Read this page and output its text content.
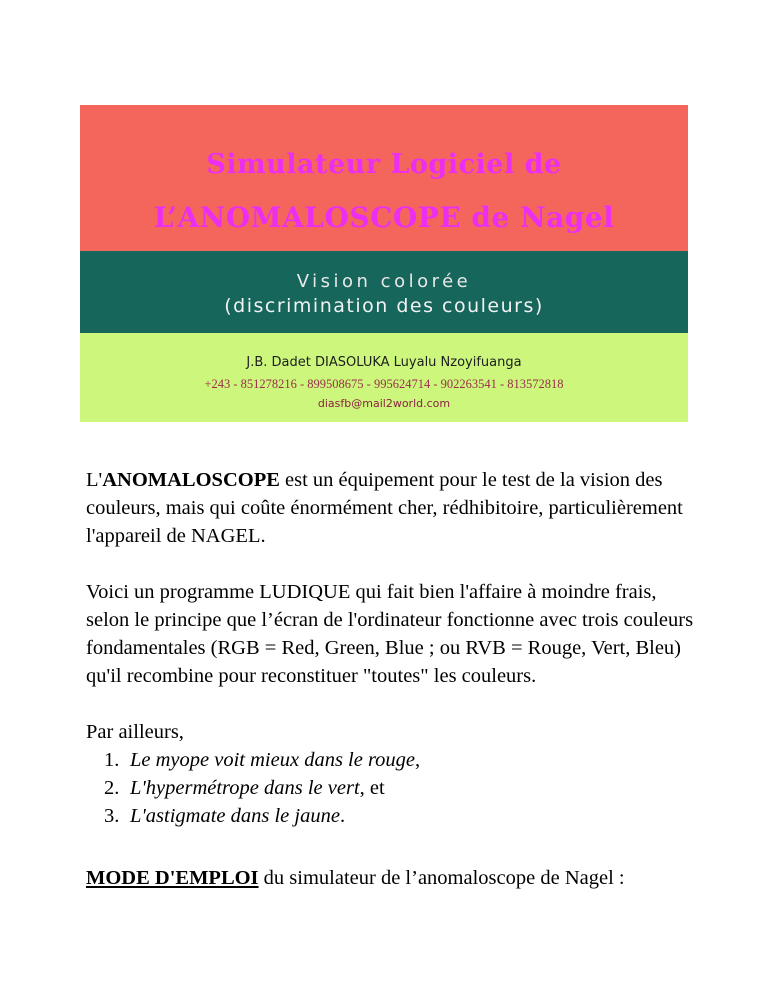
Simulateur Logiciel de
L’ANOMALOSCOPE de Nagel
Vision colorée
(discrimination des couleurs)
J.B. Dadet DIASOLUKA Luyalu Nzoyifuanga
+243 - 851278216 - 899508675 - 995624714 - 902263541 - 813572818
diasfb@mail2world.com

L'ANOMALOSCOPE est un équipement pour le test de la vision des couleurs, mais qui coûte énormément cher, rédhibitoire, particulièrement l'appareil de NAGEL.

Voici un programme LUDIQUE qui fait bien l'affaire à moindre frais, selon le principe que l’écran de l'ordinateur fonctionne avec trois couleurs fondamentales (RGB = Red, Green, Blue ; ou RVB = Rouge, Vert, Bleu) qu'il recombine pour reconstituer "toutes" les couleurs.

Par ailleurs,

1. Le myope voit mieux dans le rouge,
2. L'hypermétrope dans le vert, et
3. L'astigmate dans le jaune.

MODE D'EMPLOI du simulateur de l’anomaloscope de Nagel :
